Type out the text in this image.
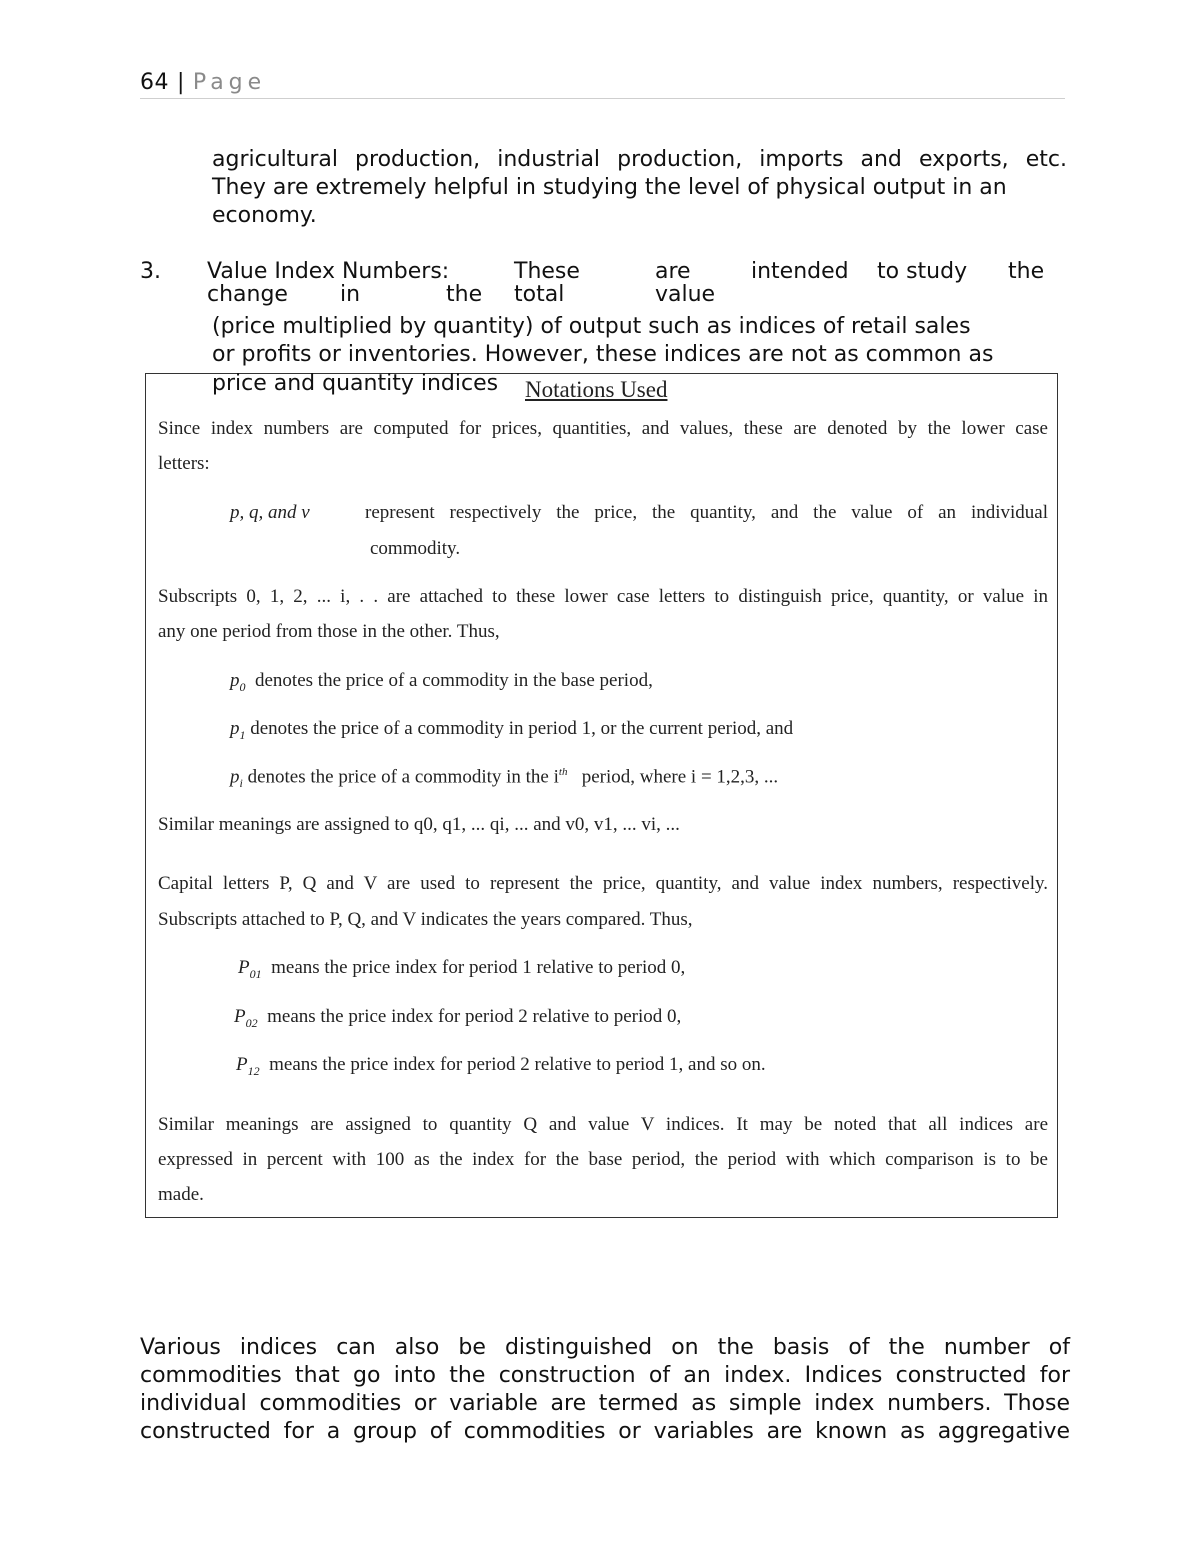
64 | Page
agricultural production, industrial production, imports and exports, etc.
They are extremely helpful in studying the level of physical output in an
economy.
3. Value Index Numbers:	These	are	intended to study the
change in	the total	value
(price multiplied by quantity) of output such as indices of retail sales
or profits or inventories. However, these indices are not as common as
price and quantity indices Notations Used
Since index numbers are computed for prices, quantities, and values, these are denoted by the lower case
letters:
p, q, and v	represent respectively the price, the quantity, and the value of an individual
commodity.
Subscripts 0, 1, 2, ... i, . . are attached to these lower case letters to distinguish price, quantity, or value in
any one period from those in the other. Thus,
$p_0$ denotes the price of a commodity in the base period,
$p_1$ denotes the price of a commodity in period 1, or the current period, and
$p_i$ denotes the price of a commodity in the $i^{th}$ period, where i = 1,2,3, ...
Similar meanings are assigned to q0, q1, ... qi, ... and v0, v1, ... vi, ...
Capital letters P, Q and V are used to represent the price, quantity, and value index numbers, respectively.
Subscripts attached to P, Q, and V indicates the years compared. Thus,
$P_{01}$ means the price index for period 1 relative to period 0,
$P_{02}$ means the price index for period 2 relative to period 0,
$P_{12}$ means the price index for period 2 relative to period 1, and so on.
Similar meanings are assigned to quantity Q and value V indices. It may be noted that all indices are
expressed in percent with 100 as the index for the base period, the period with which comparison is to be
made.
Various indices can also be distinguished on the basis of the number of
commodities that go into the construction of an index. Indices constructed for
individual commodities or variable are termed as simple index numbers. Those
constructed for a group of commodities or variables are known as aggregative
